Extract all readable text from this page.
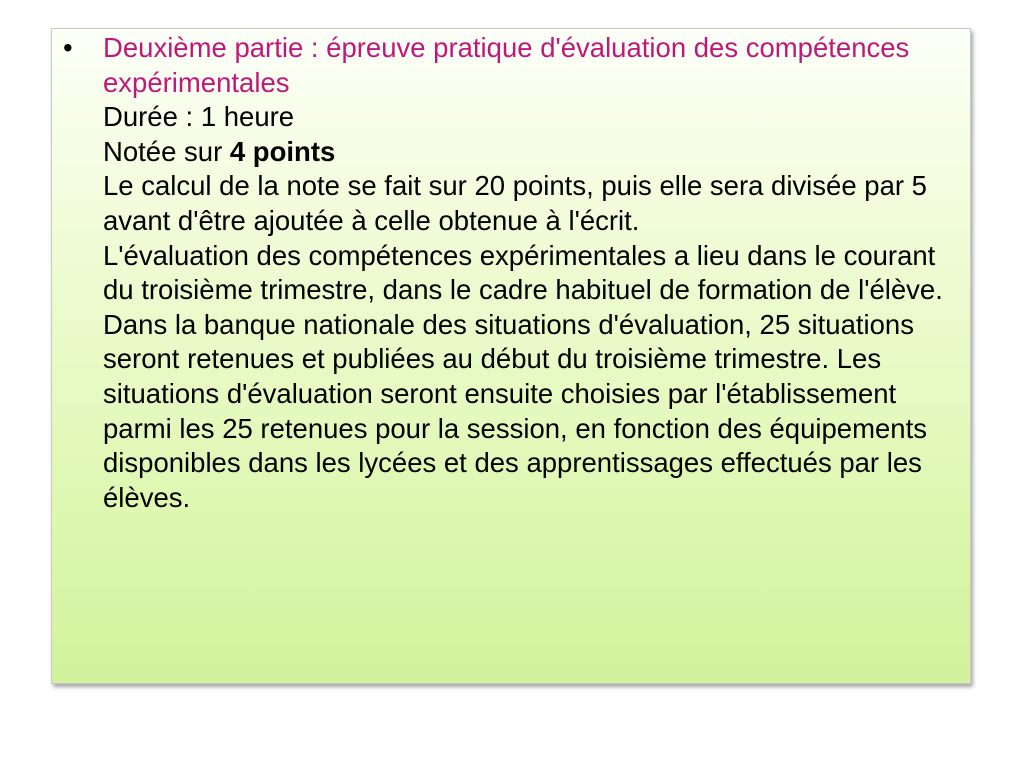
• Deuxième partie : épreuve pratique d'évaluation des compétences expérimentales
Durée : 1 heure
Notée sur 4 points
Le calcul de la note se fait sur 20 points, puis elle sera divisée par 5 avant d'être ajoutée à celle obtenue à l'écrit.
L'évaluation des compétences expérimentales a lieu dans le courant du troisième trimestre, dans le cadre habituel de formation de l'élève.
Dans la banque nationale des situations d'évaluation, 25 situations seront retenues et publiées au début du troisième trimestre. Les situations d'évaluation seront ensuite choisies par l'établissement parmi les 25 retenues pour la session, en fonction des équipements disponibles dans les lycées et des apprentissages effectués par les élèves.
